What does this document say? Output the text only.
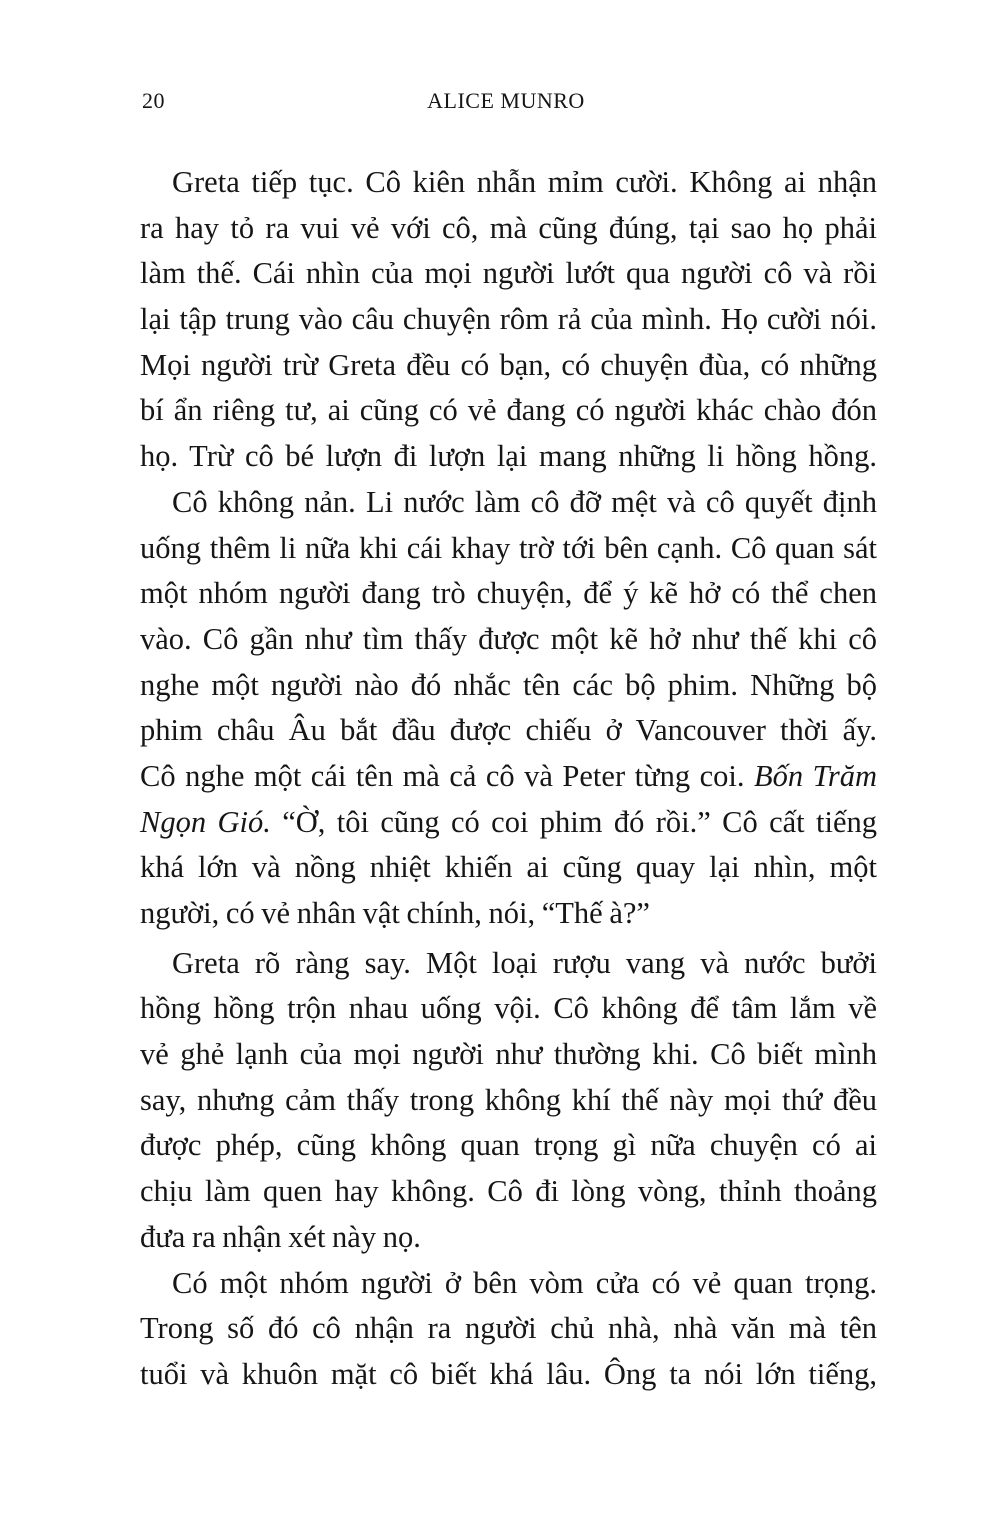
20	ALICE MUNRO
Greta tiếp tục. Cô kiên nhẫn mỉm cười. Không ai nhận
ra hay tỏ ra vui vẻ với cô, mà cũng đúng, tại sao họ phải
làm thế. Cái nhìn của mọi người lướt qua người cô và rồi
lại tập trung vào câu chuyện rôm rả của mình. Họ cười nói.
Mọi người trừ Greta đều có bạn, có chuyện đùa, có những
bí ẩn riêng tư, ai cũng có vẻ đang có người khác chào đón
họ. Trừ cô bé lượn đi lượn lại mang những li hồng hồng.
Cô không nản. Li nước làm cô đỡ mệt và cô quyết định
uống thêm li nữa khi cái khay trờ tới bên cạnh. Cô quan sát
một nhóm người đang trò chuyện, để ý kẽ hở có thể chen
vào. Cô gần như tìm thấy được một kẽ hở như thế khi cô
nghe một người nào đó nhắc tên các bộ phim. Những bộ
phim châu Âu bắt đầu được chiếu ở Vancouver thời ấy.
Cô nghe một cái tên mà cả cô và Peter từng coi. Bốn Trăm
Ngọn Gió. “Ờ, tôi cũng có coi phim đó rồi.” Cô cất tiếng
khá lớn và nồng nhiệt khiến ai cũng quay lại nhìn, một
người, có vẻ nhân vật chính, nói, “Thế à?”
Greta rõ ràng say. Một loại rượu vang và nước bưởi
hồng hồng trộn nhau uống vội. Cô không để tâm lắm về
vẻ ghẻ lạnh của mọi người như thường khi. Cô biết mình
say, nhưng cảm thấy trong không khí thế này mọi thứ đều
được phép, cũng không quan trọng gì nữa chuyện có ai
chịu làm quen hay không. Cô đi lòng vòng, thỉnh thoảng
đưa ra nhận xét này nọ.
Có một nhóm người ở bên vòm cửa có vẻ quan trọng.
Trong số đó cô nhận ra người chủ nhà, nhà văn mà tên
tuổi và khuôn mặt cô biết khá lâu. Ông ta nói lớn tiếng,
